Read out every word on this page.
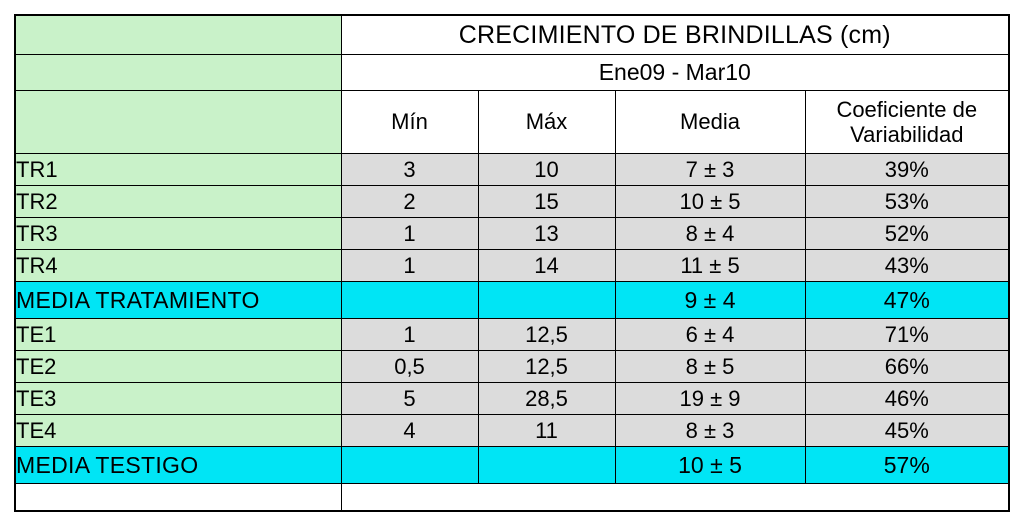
	CRECIMIENTO DE BRINDILLAS (cm)			
	Ene09 - Mar10			
	Mín	Máx	Media	Coeficiente de
Variabilidad

TR1	3	10	7 ± 3	39%
TR2	2	15	10 ± 5	53%
TR3	1	13	8 ± 4	52%
TR4	1	14	11 ± 5	43%
MEDIA TRATAMIENTO			9 ± 4	47%
TE1	1	12,5	6 ± 4	71%
TE2	0,5	12,5	8 ± 5	66%
TE3	5	28,5	19 ± 9	46%
TE4	4	11	8 ± 3	45%
MEDIA TESTIGO			10 ± 5	57%
